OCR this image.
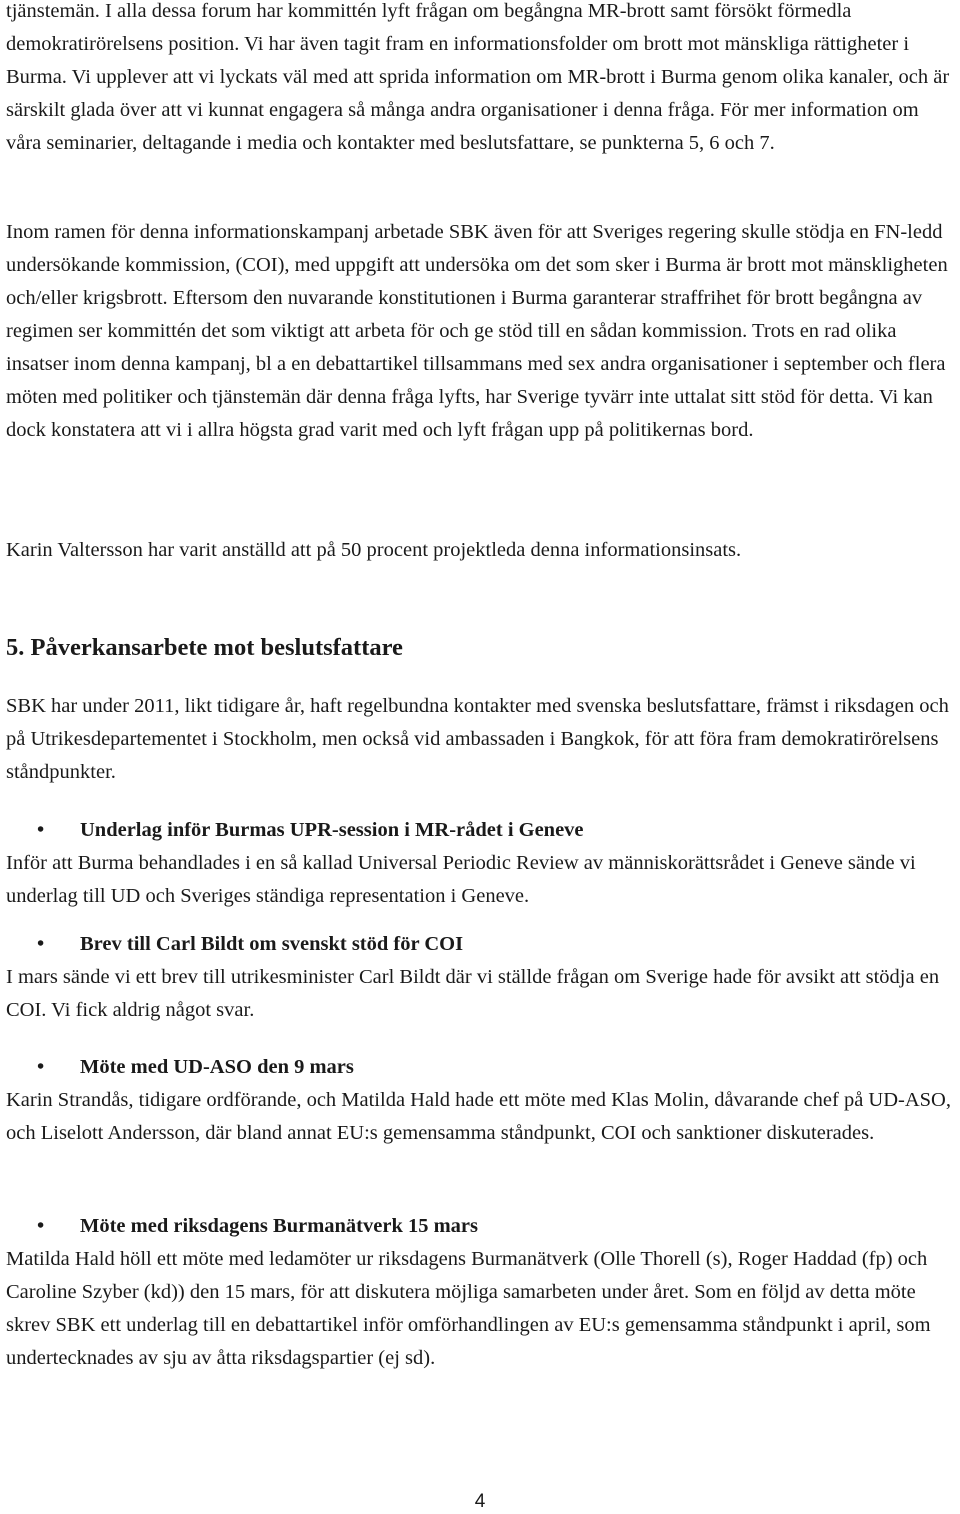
tjänstemän. I alla dessa forum har kommittén lyft frågan om begångna MR-brott samt försökt förmedla demokratirörelsens position. Vi har även tagit fram en informationsfolder om brott mot mänskliga rättigheter i Burma. Vi upplever att vi lyckats väl med att sprida information om MR-brott i Burma genom olika kanaler, och är särskilt glada över att vi kunnat engagera så många andra organisationer i denna fråga. För mer information om våra seminarier, deltagande i media och kontakter med beslutsfattare, se punkterna 5, 6 och 7.

Inom ramen för denna informationskampanj arbetade SBK även för att Sveriges regering skulle stödja en FN-ledd undersökande kommission, (COI), med uppgift att undersöka om det som sker i Burma är brott mot mänskligheten och/eller krigsbrott. Eftersom den nuvarande konstitutionen i Burma garanterar straffrihet för brott begångna av regimen ser kommittén det som viktigt att arbeta för och ge stöd till en sådan kommission. Trots en rad olika insatser inom denna kampanj, bl a en debattartikel tillsammans med sex andra organisationer i september och flera möten med politiker och tjänstemän där denna fråga lyfts, har Sverige tyvärr inte uttalat sitt stöd för detta. Vi kan dock konstatera att vi i allra högsta grad varit med och lyft frågan upp på politikernas bord.

Karin Valtersson har varit anställd att på 50 procent projektledа denna informationsinsats.

5. Påverkansarbete mot beslutsfattare

SBK har under 2011, likt tidigare år, haft regelbundna kontakter med svenska beslutsfattare, främst i riksdagen och på Utrikesdepartementet i Stockholm, men också vid ambassaden i Bangkok, för att föra fram demokratirörelsens ståndpunkter.

•	Underlag inför Burmas UPR-session i MR-rådet i Geneve

Inför att Burma behandlades i en så kallad Universal Periodic Review av människorättsrådet i Geneve sände vi underlag till UD och Sveriges ständiga representation i Geneve.

•	Brev till Carl Bildt om svenskt stöd för COI

I mars sände vi ett brev till utrikesminister Carl Bildt där vi ställde frågan om Sverige hade för avsikt att stödja en COI. Vi fick aldrig något svar.

•	Möte med UD-ASO den 9 mars

Karin Strandås, tidigare ordförande, och Matilda Hald hade ett möte med Klas Molin, dåvarande chef på UD-ASO, och Liselott Andersson, där bland annat EU:s gemensamma ståndpunkt, COI och sanktioner diskuterades.

•	Möte med riksdagens Burmanätverk 15 mars

Matilda Hald höll ett möte med ledamöter ur riksdagens Burmanätverk (Olle Thorell (s), Roger Haddad (fp) och Caroline Szyber (kd)) den 15 mars, för att diskutera möjliga samarbeten under året. Som en följd av detta möte skrev SBK ett underlag till en debattartikel inför omförhandlingen av EU:s gemensamma ståndpunkt i april, som undertecknades av sju av åtta riksdagspartier (ej sd).

4
